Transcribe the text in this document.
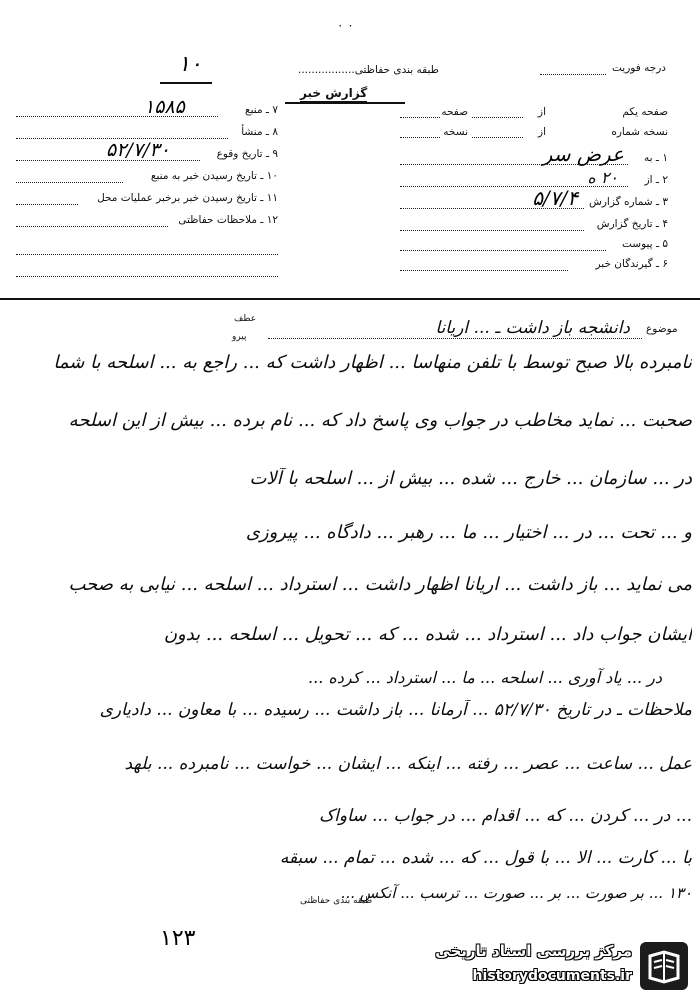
۰ ۰
۱۰	طبقه بندی حفاظتی.................
گزارش خبر
درجه فوریت
۷ ـ منبع
۱۵۸۵
۸ ـ منشأ
۹ ـ تاریخ وقوع
۵۲/۷/۳۰
۱۰ ـ تاریخ رسیدن خبر به منبع
۱۱ ـ تاریخ رسیدن خبر برخبر عملیات محل
۱۲ ـ ملاحظات حفاظتی
صفحه یکم
از
صفحه
نسخه شماره
از
نسخه
۱ ـ به
عرض سر
۲ ـ از
۲۰ ه
۳ ـ شماره گزارش
۵/۷/۴
۴ ـ تاریخ گزارش
۵ ـ پیوست
۶ ـ گیرندگان خبر
موضوع
دانشجه باز داشت ـ ... اریانا
عطف
پیرو
نامبرده بالا صبح توسط با تلفن منهاسا ... اظهار داشت که ... راجع به ... اسلحه با شما
صحبت ... نماید مخاطب در جواب وی پاسخ داد که ... نام برده ... بیش از این اسلحه
در ... سازمان ... خارج ... شده ... بیش از ... اسلحه با آلات
و ... تحت ... در ... اختیار ... ما ... رهبر ... دادگاه ... پیروزی
می نماید ... باز داشت ... اریانا اظهار داشت ... استرداد ... اسلحه ... نیابی به صحب
ایشان جواب داد ... استرداد ... شده ... که ... تحویل ... اسلحه ... بدون
در ... یاد آوری ... اسلحه ... ما ... استرداد ... کرده ...
ملاحظات ـ در تاریخ ۵۲/۷/۳۰ ... آرمانا ... باز داشت ... رسیده ... با معاون ... دادیاری
عمل ... ساعت ... عصر ... رفته ... اینکه ... ایشان ... خواست ... نامبرده ... بلهد
... در ... کردن ... که ... اقدام ... در جواب ... ساواک
با ... کارت ... الا ... با قول ... که ... شده ... تمام ... سبقه
۱۳۰ ... بر صورت ... بر ... صورت ... ترسب ... آنکس ...
طبقه بندی حفاظتی
۱۲۳	مرکز بررسی اسناد تاریخی
historydocuments.ir
